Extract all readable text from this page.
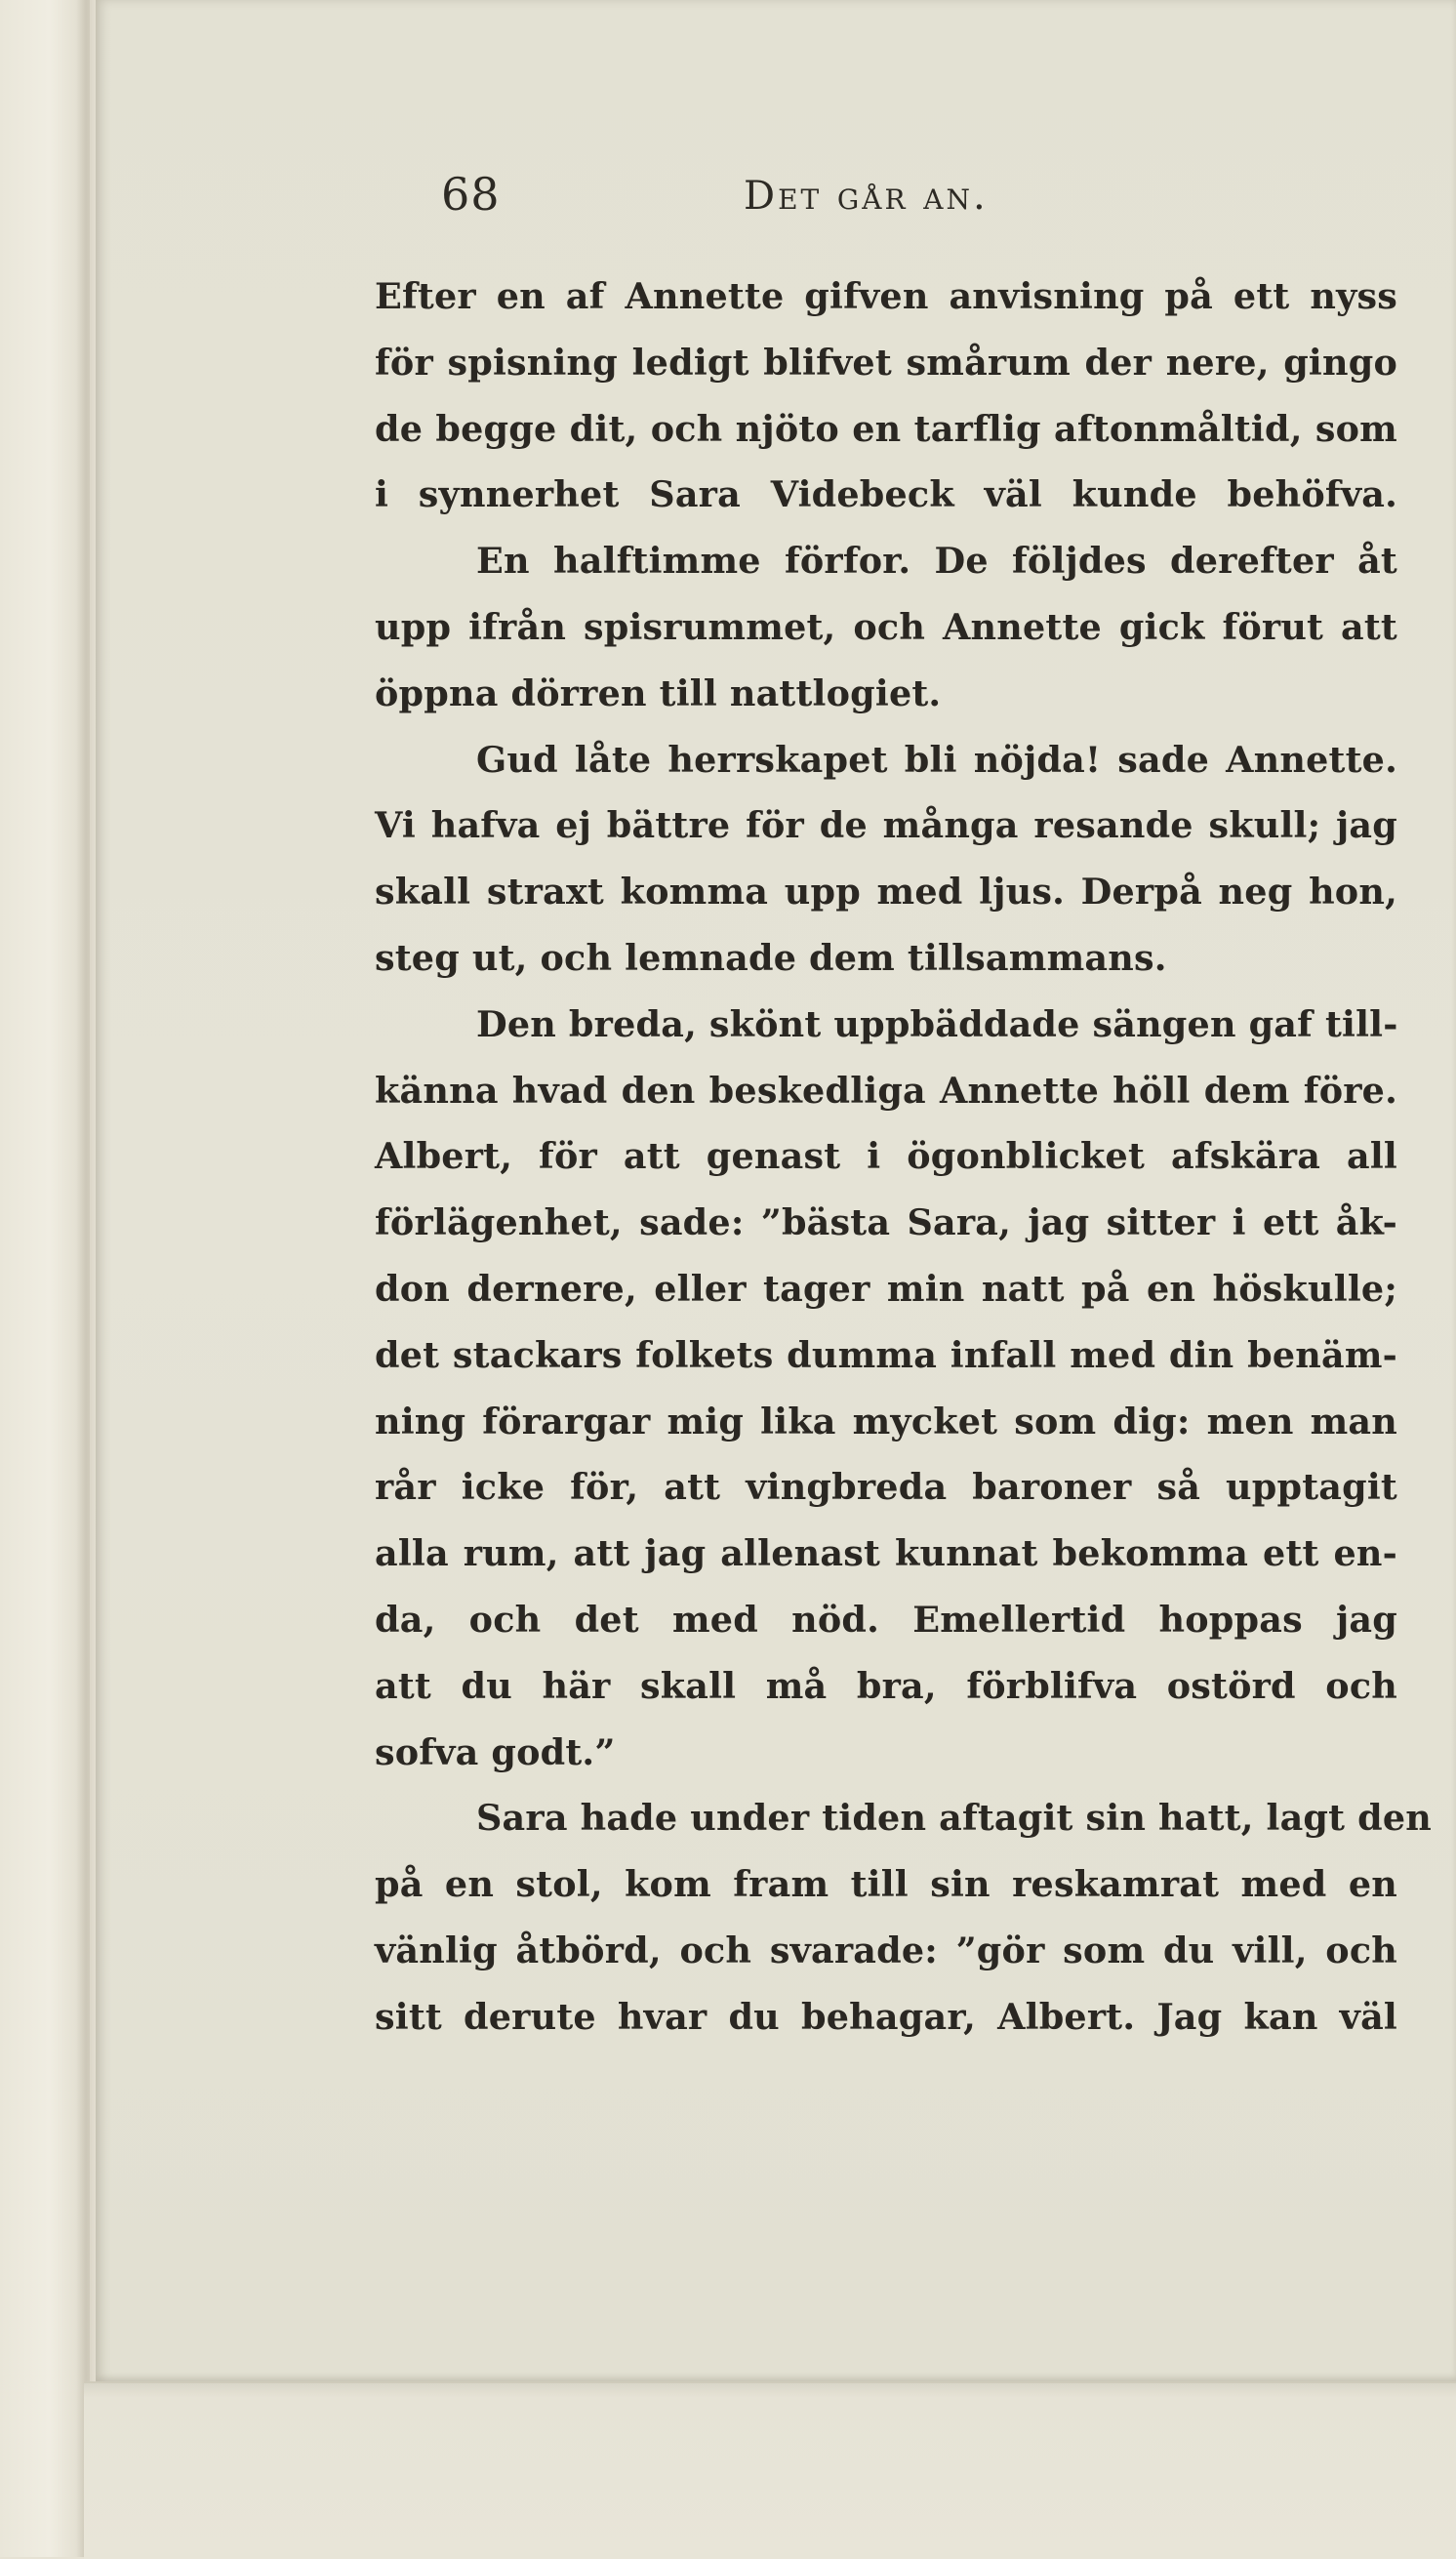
68	Det går an.
Efter en af Annette gifven anvisning på ett nyss
för spisning ledigt blifvet smårum der nere, gingo
de begge dit, och njöto en tarflig aftonmåltid, som
i synnerhet Sara Videbeck väl kunde behöfva.
En halftimme förfor. De följdes derefter åt
upp ifrån spisrummet, och Annette gick förut att
öppna dörren till nattlogiet.
Gud låte herrskapet bli nöjda! sade Annette.
Vi hafva ej bättre för de många resande skull; jag
skall straxt komma upp med ljus. Derpå neg hon,
steg ut, och lemnade dem tillsammans.
Den breda, skönt uppbäddade sängen gaf till-
känna hvad den beskedliga Annette höll dem före.
Albert, för att genast i ögonblicket afskära all
förlägenhet, sade: ”bästa Sara, jag sitter i ett åk-
don dernere, eller tager min natt på en höskulle;
det stackars folkets dumma infall med din benäm-
ning förargar mig lika mycket som dig: men man
rår icke för, att vingbreda baroner så upptagit
alla rum, att jag allenast kunnat bekomma ett en-
da, och det med nöd. Emellertid hoppas jag
att du här skall må bra, förblifva ostörd och
sofva godt.”
Sara hade under tiden aftagit sin hatt, lagt den
på en stol, kom fram till sin reskamrat med en
vänlig åtbörd, och svarade: ”gör som du vill, och
sitt derute hvar du behagar, Albert. Jag kan väl
